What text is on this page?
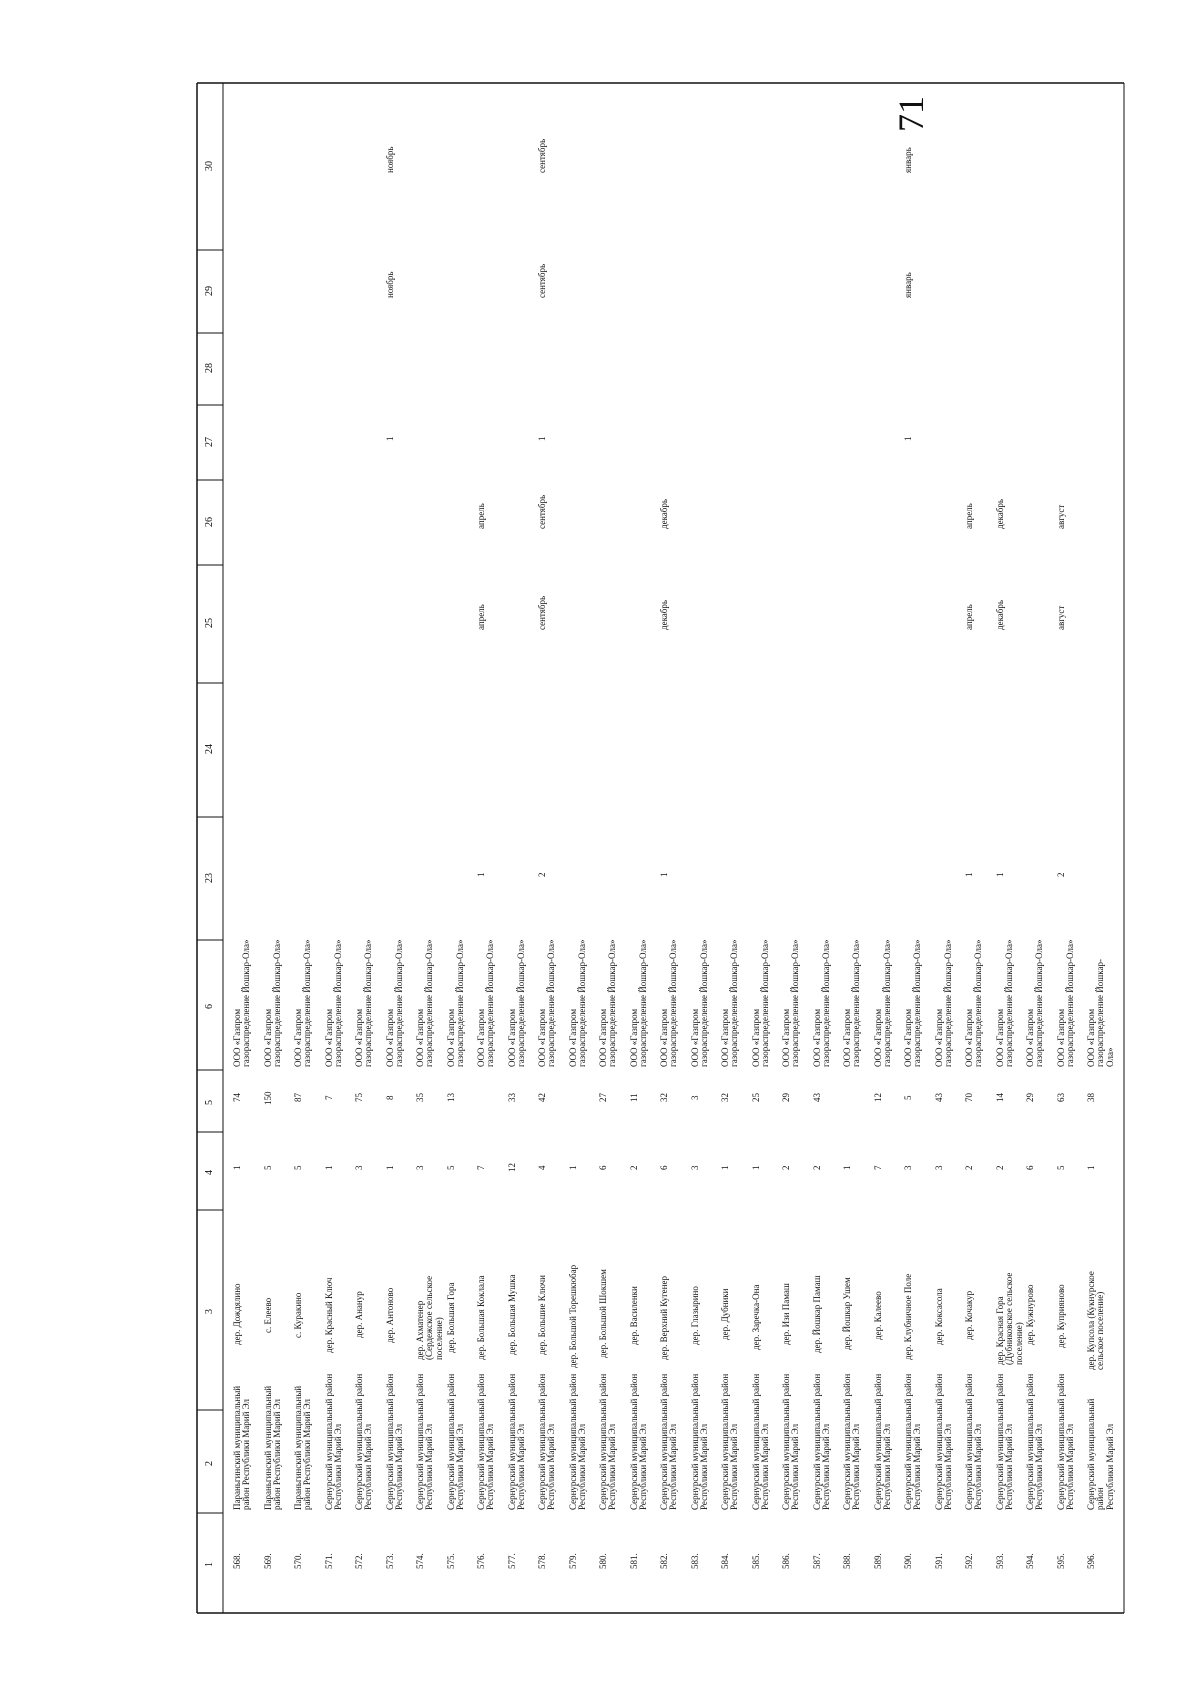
71
1
2
3
4
5
6
23
24
25
26
27
28
29
30
568.
Параньгинский муниципальный
район Республики Марий Эл
дер. Дождялино
1
74
ООО «Газпром
газораспределение Йошкар-Ола»
569.
Параньгинский муниципальный
район Республики Марий Эл
с. Елеево
5
150
ООО «Газпром
газораспределение Йошкар-Ола»
570.
Параньгинский муниципальный
район Республики Марий Эл
с. Куракино
5
87
ООО «Газпром
газораспределение Йошкар-Ола»
571.
Сернурский муниципальный район
Республики Марий Эл
дер. Красный Ключ
1
7
ООО «Газпром
газораспределение Йошкар-Ола»
572.
Сернурский муниципальный район
Республики Марий Эл
дер. Ананур
3
75
ООО «Газпром
газораспределение Йошкар-Ола»
573.
Сернурский муниципальный район
Республики Марий Эл
дер. Антоново
1
8
ООО «Газпром
газораспределение Йошкар-Ола»
1
ноябрь
ноябрь
574.
Сернурский муниципальный район
Республики Марий Эл
дер. Ахматенер
(Сердежское сельское
поселение)
3
35
ООО «Газпром
газораспределение Йошкар-Ола»
575.
Сернурский муниципальный район
Республики Марий Эл
дер. Большая Гора
5
13
ООО «Газпром
газораспределение Йошкар-Ола»
576.
Сернурский муниципальный район
Республики Марий Эл
дер. Большая Коклала
7
ООО «Газпром
газораспределение Йошкар-Ола»
1
апрель
апрель
577.
Сернурский муниципальный район
Республики Марий Эл
дер. Большая Мушка
12
33
ООО «Газпром
газораспределение Йошкар-Ола»
578.
Сернурский муниципальный район
Республики Марий Эл
дер. Большие Ключи
4
42
ООО «Газпром
газораспределение Йошкар-Ола»
2
сентябрь
сентябрь
1
сентябрь
сентябрь
579.
Сернурский муниципальный район
Республики Марий Эл
дер. Большой Торешкюбар
1
ООО «Газпром
газораспределение Йошкар-Ола»
580.
Сернурский муниципальный район
Республики Марий Эл
дер. Большой Шокшем
6
27
ООО «Газпром
газораспределение Йошкар-Ола»
581.
Сернурский муниципальный район
Республики Марий Эл
дер. Василенки
2
11
ООО «Газпром
газораспределение Йошкар-Ола»
582.
Сернурский муниципальный район
Республики Марий Эл
дер. Верхний Кугенер
6
32
ООО «Газпром
газораспределение Йошкар-Ола»
1
декабрь
декабрь
583.
Сернурский муниципальный район
Республики Марий Эл
дер. Глазырино
3
3
ООО «Газпром
газораспределение Йошкар-Ола»
584.
Сернурский муниципальный район
Республики Марий Эл
дер. Дубники
1
32
ООО «Газпром
газораспределение Йошкар-Ола»
585.
Сернурский муниципальный район
Республики Марий Эл
дер. Заречка-Она
1
25
ООО «Газпром
газораспределение Йошкар-Ола»
586.
Сернурский муниципальный район
Республики Марий Эл
дер. Изи Памаш
2
29
ООО «Газпром
газораспределение Йошкар-Ола»
587.
Сернурский муниципальный район
Республики Марий Эл
дер. Йошкар Памаш
2
43
ООО «Газпром
газораспределение Йошкар-Ола»
588.
Сернурский муниципальный район
Республики Марий Эл
дер. Йошкар Ушем
1
ООО «Газпром
газораспределение Йошкар-Ола»
589.
Сернурский муниципальный район
Республики Марий Эл
дер. Калеево
7
12
ООО «Газпром
газораспределение Йошкар-Ола»
590.
Сернурский муниципальный район
Республики Марий Эл
дер. Клубничное Поле
3
5
ООО «Газпром
газораспределение Йошкар-Ола»
1
январь
январь
591.
Сернурский муниципальный район
Республики Марий Эл
дер. Коксасола
3
43
ООО «Газпром
газораспределение Йошкар-Ола»
592.
Сернурский муниципальный район
Республики Марий Эл
дер. Кочакур
2
70
ООО «Газпром
газораспределение Йошкар-Ола»
1
апрель
апрель
593.
Сернурский муниципальный район
Республики Марий Эл
дер. Красная Гора
(Дубниковское сельское
поселение)
2
14
ООО «Газпром
газораспределение Йошкар-Ола»
1
декабрь
декабрь
594.
Сернурский муниципальный район
Республики Марий Эл
дер. Кужнурово
6
29
ООО «Газпром
газораспределение Йошкар-Ола»
595.
Сернурский муниципальный район
Республики Марий Эл
дер. Куприяново
5
63
ООО «Газпром
газораспределение Йошкар-Ола»
2
август
август
596.
Сернурский муниципальный район
Республики Марий Эл
дер. Купсола (Кукнурское
сельское поселение)
1
38
ООО «Газпром
газораспределение Йошкар-Ола»
